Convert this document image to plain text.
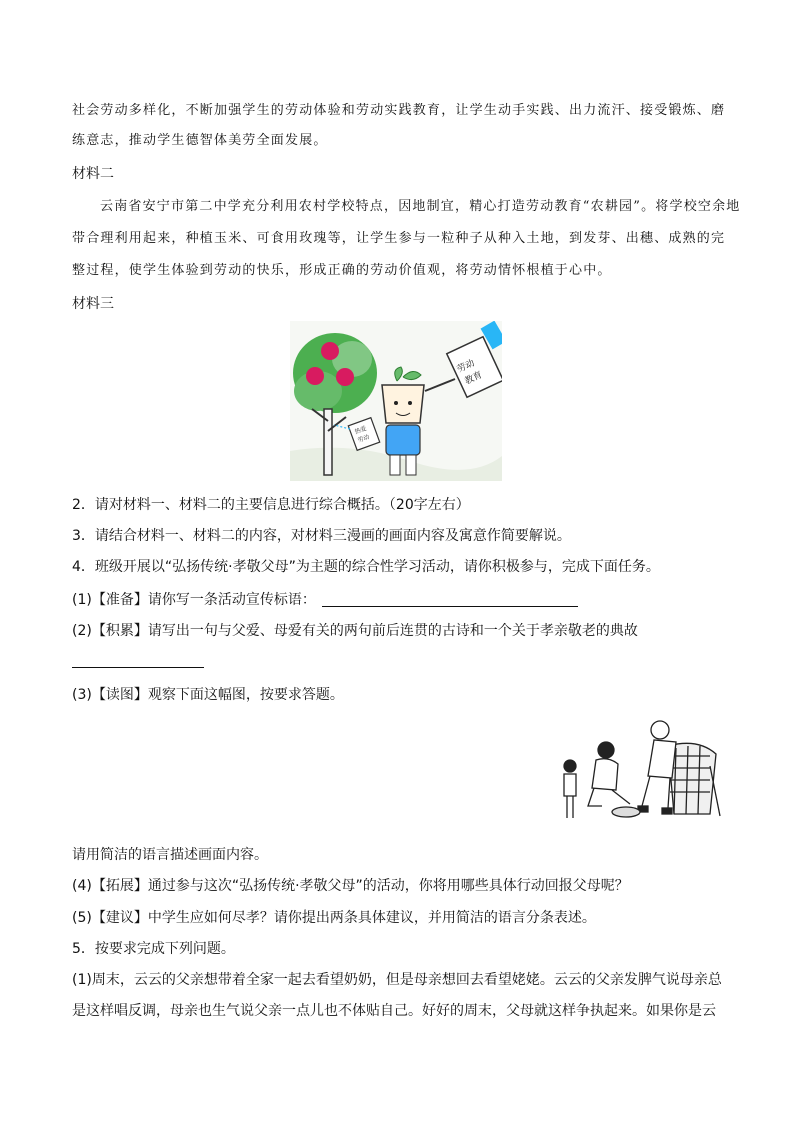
社会劳动多样化，不断加强学生的劳动体验和劳动实践教育，让学生动手实践、出力流汗、接受锻炼、磨
练意志，推动学生德智体美劳全面发展。
材料二
云南省安宁市第二中学充分利用农村学校特点，因地制宜，精心打造劳动教育“农耕园”。将学校空余地
带合理利用起来，种植玉米、可食用玫瑰等，让学生参与一粒种子从种入土地，到发芽、出穗、成熟的完
整过程，使学生体验到劳动的快乐，形成正确的劳动价值观，将劳动情怀根植于心中。
材料三
劳动
教育
热爱
劳动
2．请对材料一、材料二的主要信息进行综合概括。（20字左右）
3．请结合材料一、材料二的内容，对材料三漫画的画面内容及寓意作简要解说。
4．班级开展以“弘扬传统·孝敬父母”为主题的综合性学习活动，请你积极参与，完成下面任务。
(1)【准备】请你写一条活动宣传标语：
(2)【积累】请写出一句与父爱、母爱有关的两句前后连贯的古诗和一个关于孝亲敬老的典故
(3)【读图】观察下面这幅图，按要求答题。
请用简洁的语言描述画面内容。
(4)【拓展】通过参与这次“弘扬传统·孝敬父母”的活动，你将用哪些具体行动回报父母呢？
(5)【建议】中学生应如何尽孝？请你提出两条具体建议，并用简洁的语言分条表述。
5．按要求完成下列问题。
(1)周末，云云的父亲想带着全家一起去看望奶奶，但是母亲想回去看望姥姥。云云的父亲发脾气说母亲总
是这样唱反调，母亲也生气说父亲一点儿也不体贴自己。好好的周末，父母就这样争执起来。如果你是云
